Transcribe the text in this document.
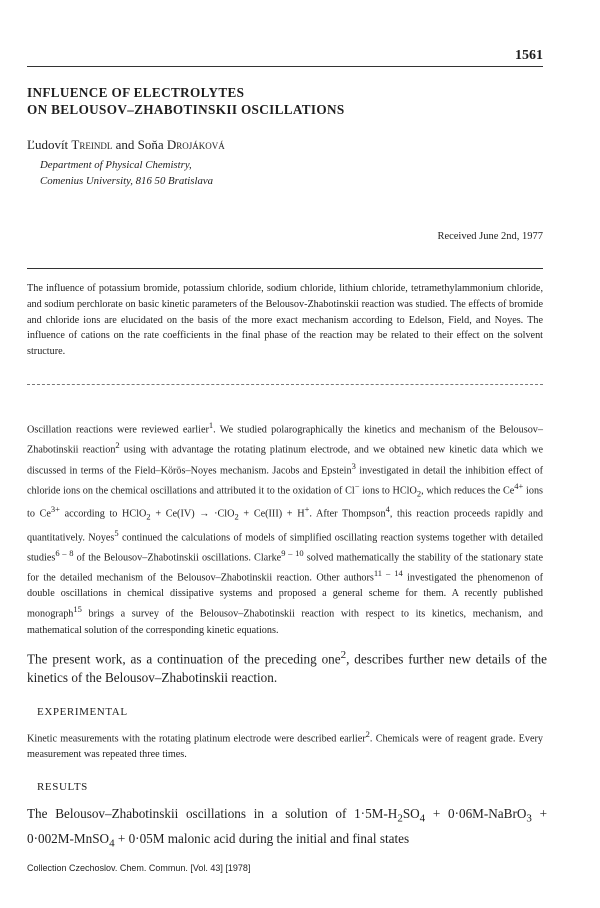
1561
INFLUENCE OF ELECTROLYTES
ON BELOUSOV–ZHABOTINSKII OSCILLATIONS
Ľudovít Treindl and Soňa Drojáková
Department of Physical Chemistry,
Comenius University, 816 50 Bratislava
Received June 2nd, 1977

The influence of potassium bromide, potassium chloride, sodium chloride, lithium chloride, tetramethylammonium chloride, and sodium perchlorate on basic kinetic parameters of the Belousov-Zhabotinskii reaction was studied. The effects of bromide and chloride ions are elucidated on the basis of the more exact mechanism according to Edelson, Field, and Noyes. The influence of cations on the rate coefficients in the final phase of the reaction may be related to their effect on the solvent structure.

Oscillation reactions were reviewed earlier$^1$. We studied polarographically the kinetics and mechanism of the Belousov–Zhabotinskii reaction$^2$ using with advantage the rotating platinum electrode, and we obtained new kinetic data which we discussed in terms of the Field–Körös–Noyes mechanism. Jacobs and Epstein$^3$ investigated in detail the inhibition effect of chloride ions on the chemical oscillations and attributed it to the oxidation of Cl− ions to HClO$_2$, which reduces the $Ce^{4+}$ ions to $Ce^{3+}$ according to HClO$_2$ + Ce(IV) → ·ClO$_2$ + Ce(III) + H+. After Thompson$^4$, this reaction proceeds rapidly and quantitatively. Noyes$^5$ continued the calculations of models of simplified oscillating reaction systems together with detailed studies$^{6 - 8}$ of the Belousov–Zhabotinskii oscillations. Clarke$^{9 - 10}$ solved mathematically the stability of the stationary state for the detailed mechanism of the Belousov–Zhabotinskii reaction. Other authors$^{11 - 14}$ investigated the phenomenon of double oscillations in chemical dissipative systems and proposed a general scheme for them. A recently published monograph$^{15}$ brings a survey of the Belousov–Zhabotinskii reaction with respect to its kinetics, mechanism, and mathematical solution of the corresponding kinetic equations.

The present work, as a continuation of the preceding one$^2$, describes further new details of the kinetics of the Belousov–Zhabotinskii reaction.

EXPERIMENTAL

Kinetic measurements with the rotating platinum electrode were described earlier$^2$. Chemicals were of reagent grade. Every measurement was repeated three times.

RESULTS

The Belousov–Zhabotinskii oscillations in a solution of $1\cdot 5M-H_2SO_4$ + 0·06M-NaBrO$_3$ + 0·002M-MnSO$_4$ + 0·05M malonic acid during the initial and final states

Collection Czechoslov. Chem. Commun. [Vol. 43] [1978]
